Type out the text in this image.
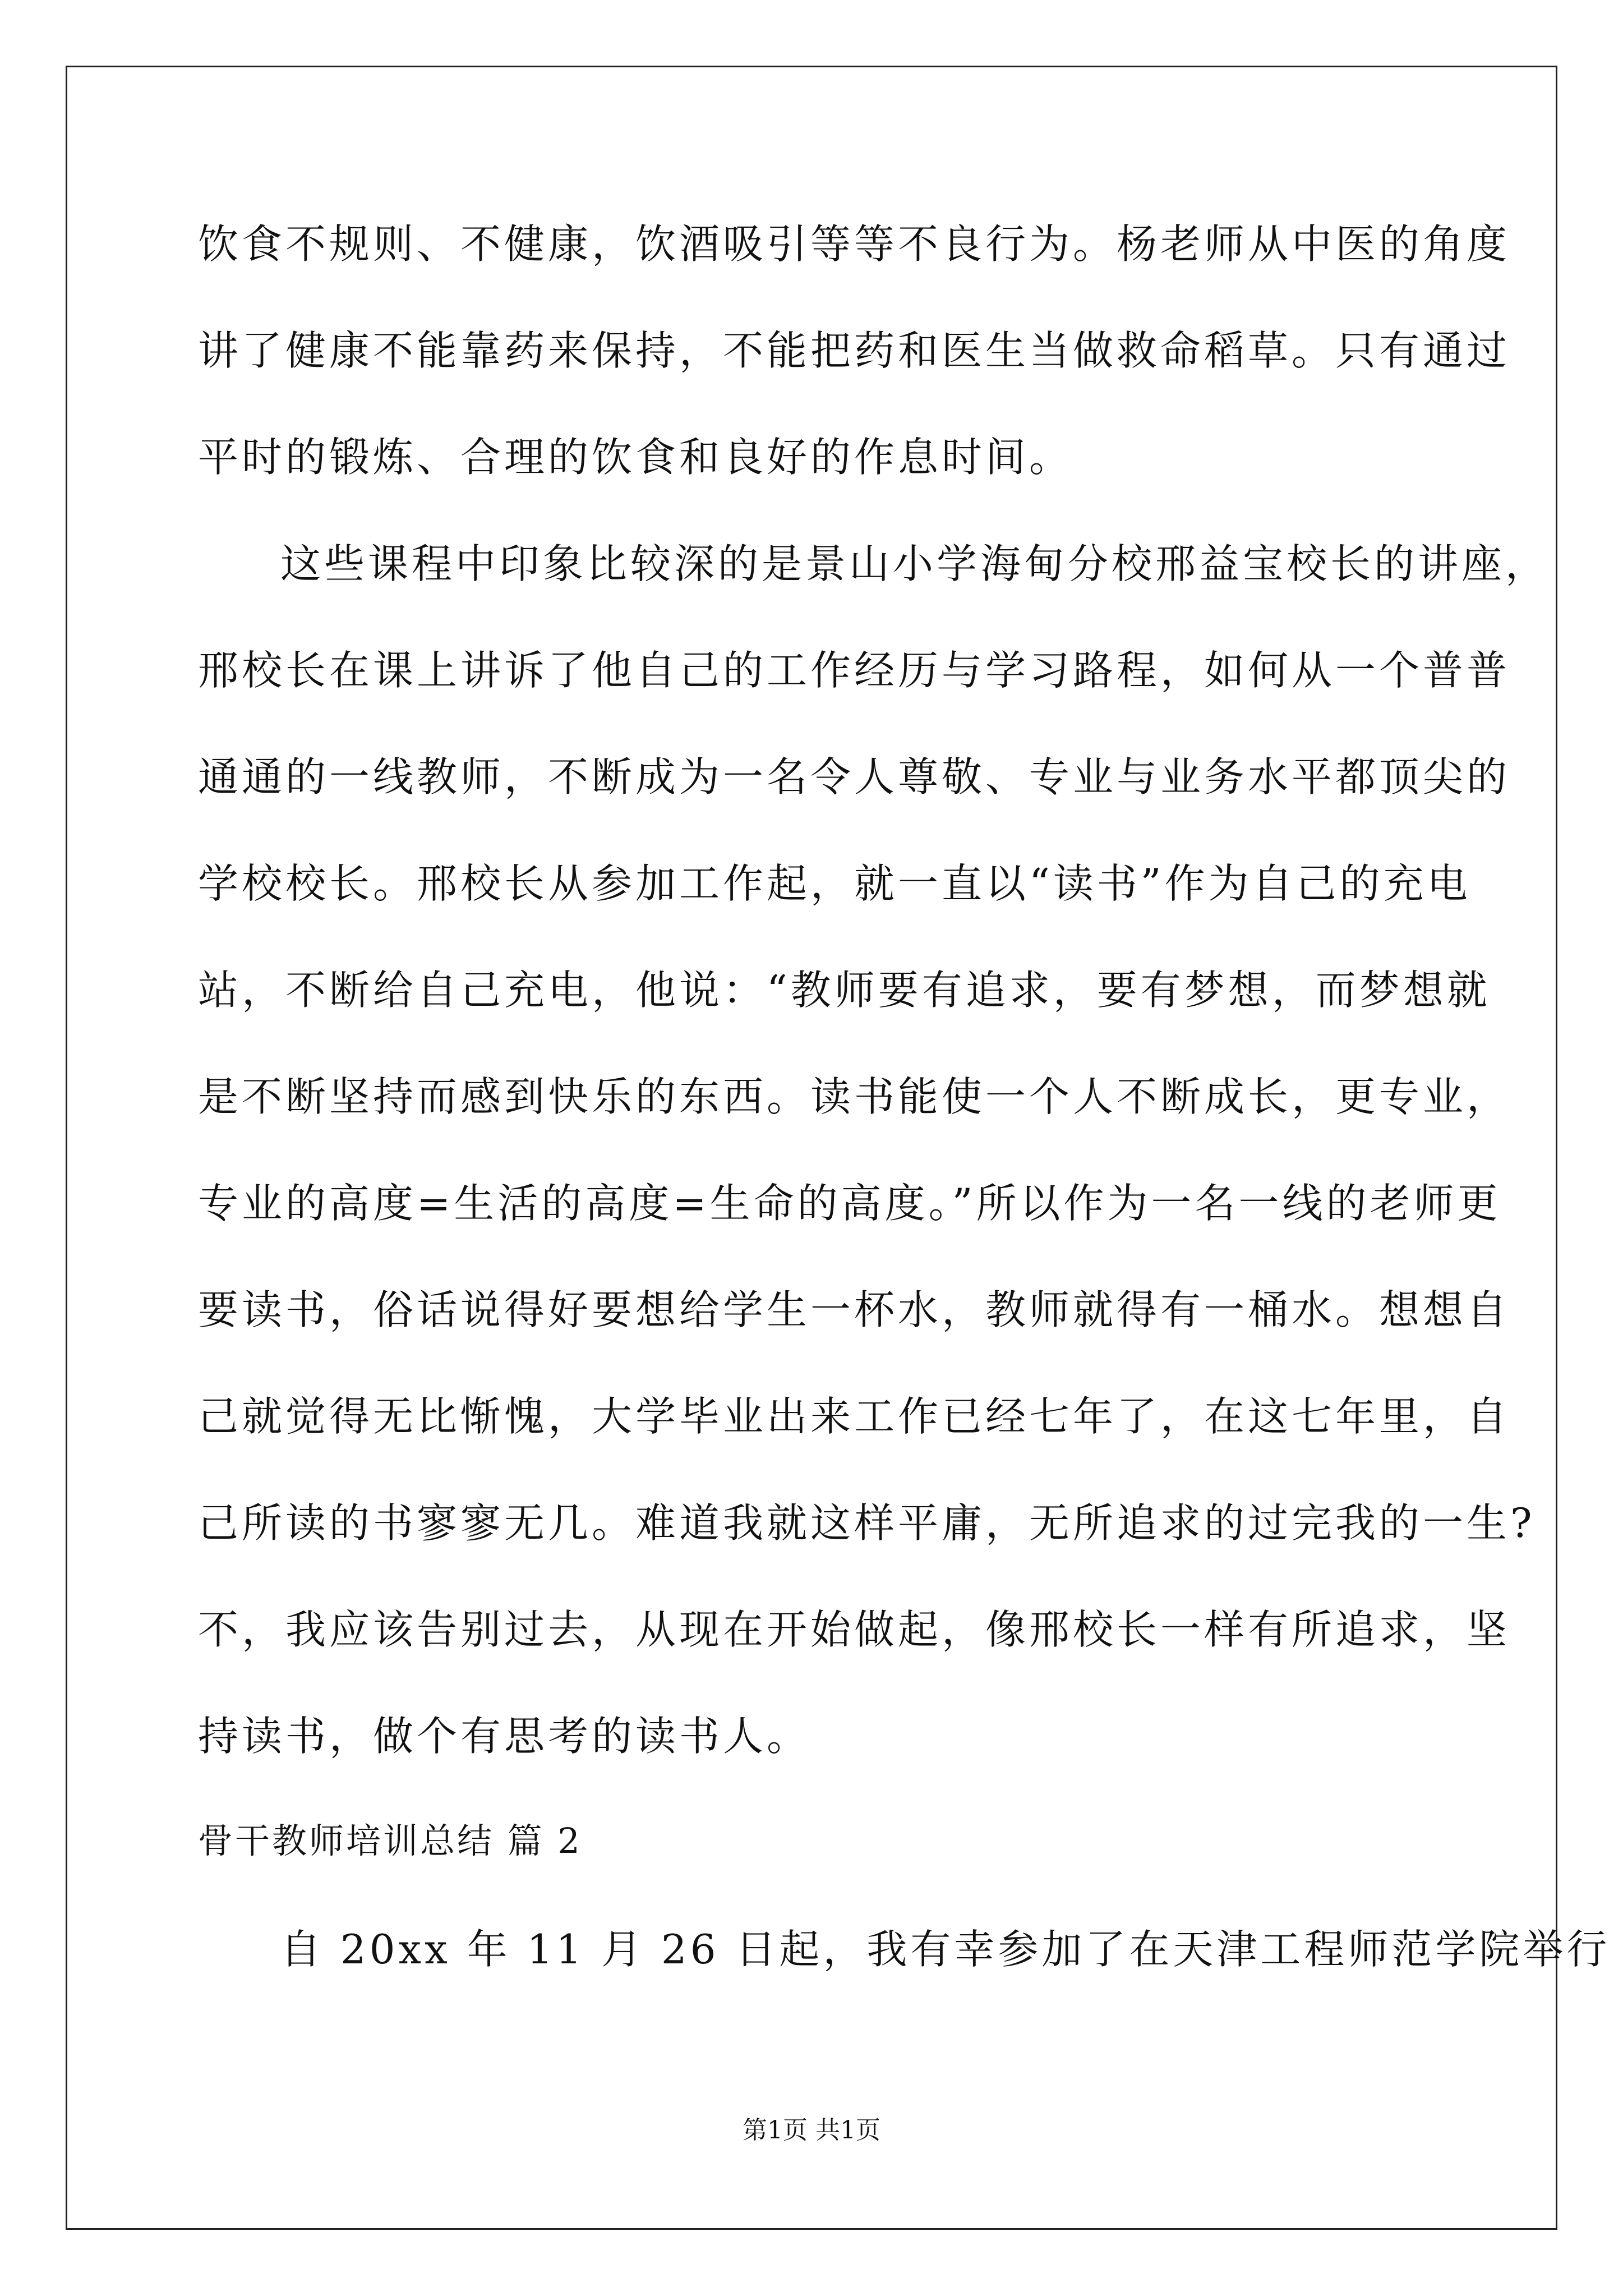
饮食不规则、不健康，饮酒吸引等等不良行为。杨老师从中医的角度
讲了健康不能靠药来保持，不能把药和医生当做救命稻草。只有通过
平时的锻炼、合理的饮食和良好的作息时间。
这些课程中印象比较深的是景山小学海甸分校邢益宝校长的讲座，
邢校长在课上讲诉了他自己的工作经历与学习路程，如何从一个普普
通通的一线教师，不断成为一名令人尊敬、专业与业务水平都顶尖的
学校校长。邢校长从参加工作起，就一直以“读书”作为自己的充电
站，不断给自己充电，他说：“教师要有追求，要有梦想，而梦想就
是不断坚持而感到快乐的东西。读书能使一个人不断成长，更专业，
专业的高度=生活的高度=生命的高度。”所以作为一名一线的老师更
要读书，俗话说得好要想给学生一杯水，教师就得有一桶水。想想自
己就觉得无比惭愧，大学毕业出来工作已经七年了，在这七年里，自
己所读的书寥寥无几。难道我就这样平庸，无所追求的过完我的一生?
不，我应该告别过去，从现在开始做起，像邢校长一样有所追求，坚
持读书，做个有思考的读书人。
骨干教师培训总结 篇 2
自 20xx 年 11 月 26 日起，我有幸参加了在天津工程师范学院举行
第1页 共1页
